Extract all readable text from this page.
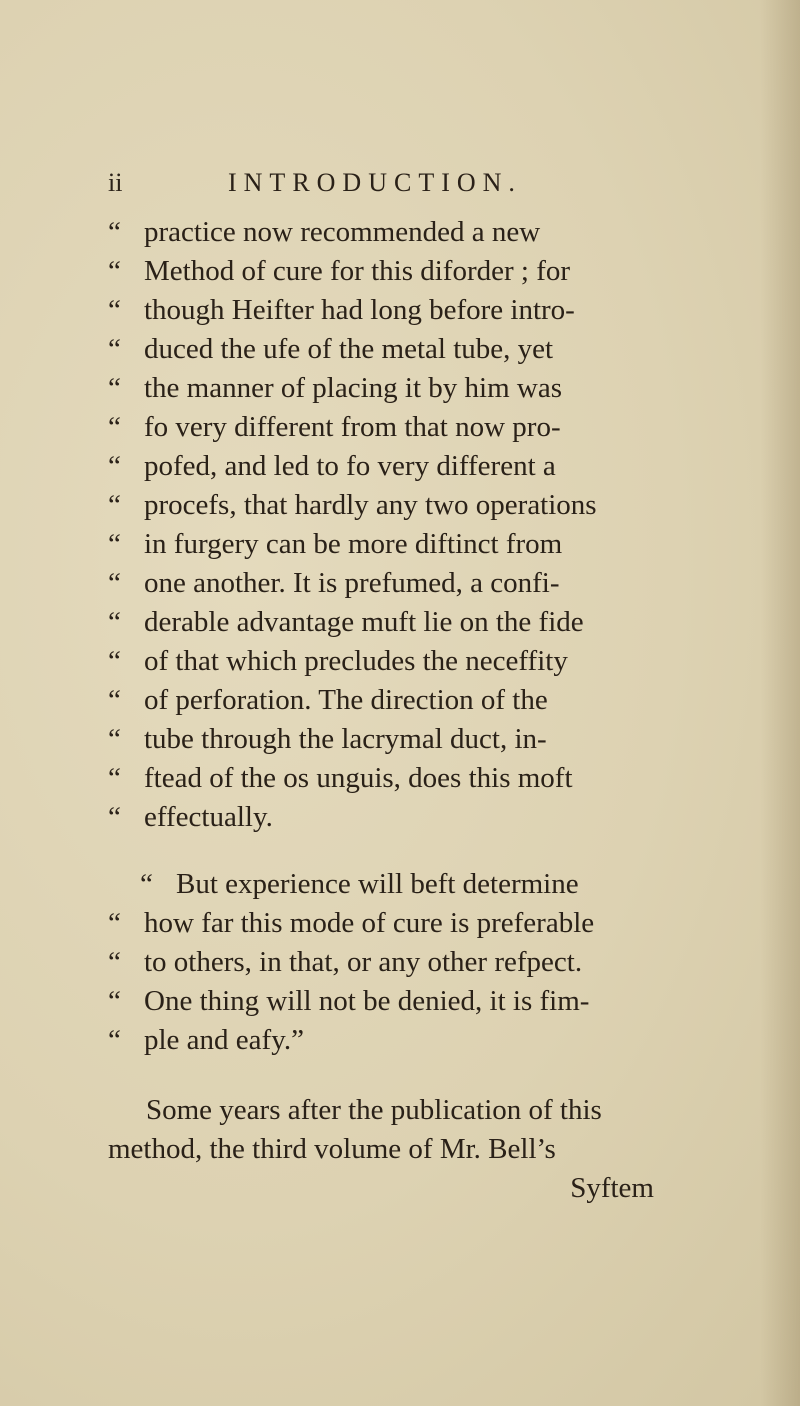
ii	INTRODUCTION.
“ practice now recommended a new
“ Method of cure for this diforder ; for
“ though Heifter had long before intro-
“ duced the ufe of the metal tube, yet
“ the manner of placing it by him was
“ fo very different from that now pro-
“ pofed, and led to fo very different a
“ procefs, that hardly any two operations
“ in furgery can be more diftinct from
“ one another. It is prefumed, a confi-
“ derable advantage muft lie on the fide
“ of that which precludes the neceffity
“ of perforation. The direction of the
“ tube through the lacrymal duct, in-
“ ftead of the os unguis, does this moft
“ effectually.
“ But experience will beft determine
“ how far this mode of cure is preferable
“ to others, in that, or any other refpect.
“ One thing will not be denied, it is fim-
“ ple and eafy.”
Some years after the publication of this
method, the third volume of Mr. Bell’s
Syftem
